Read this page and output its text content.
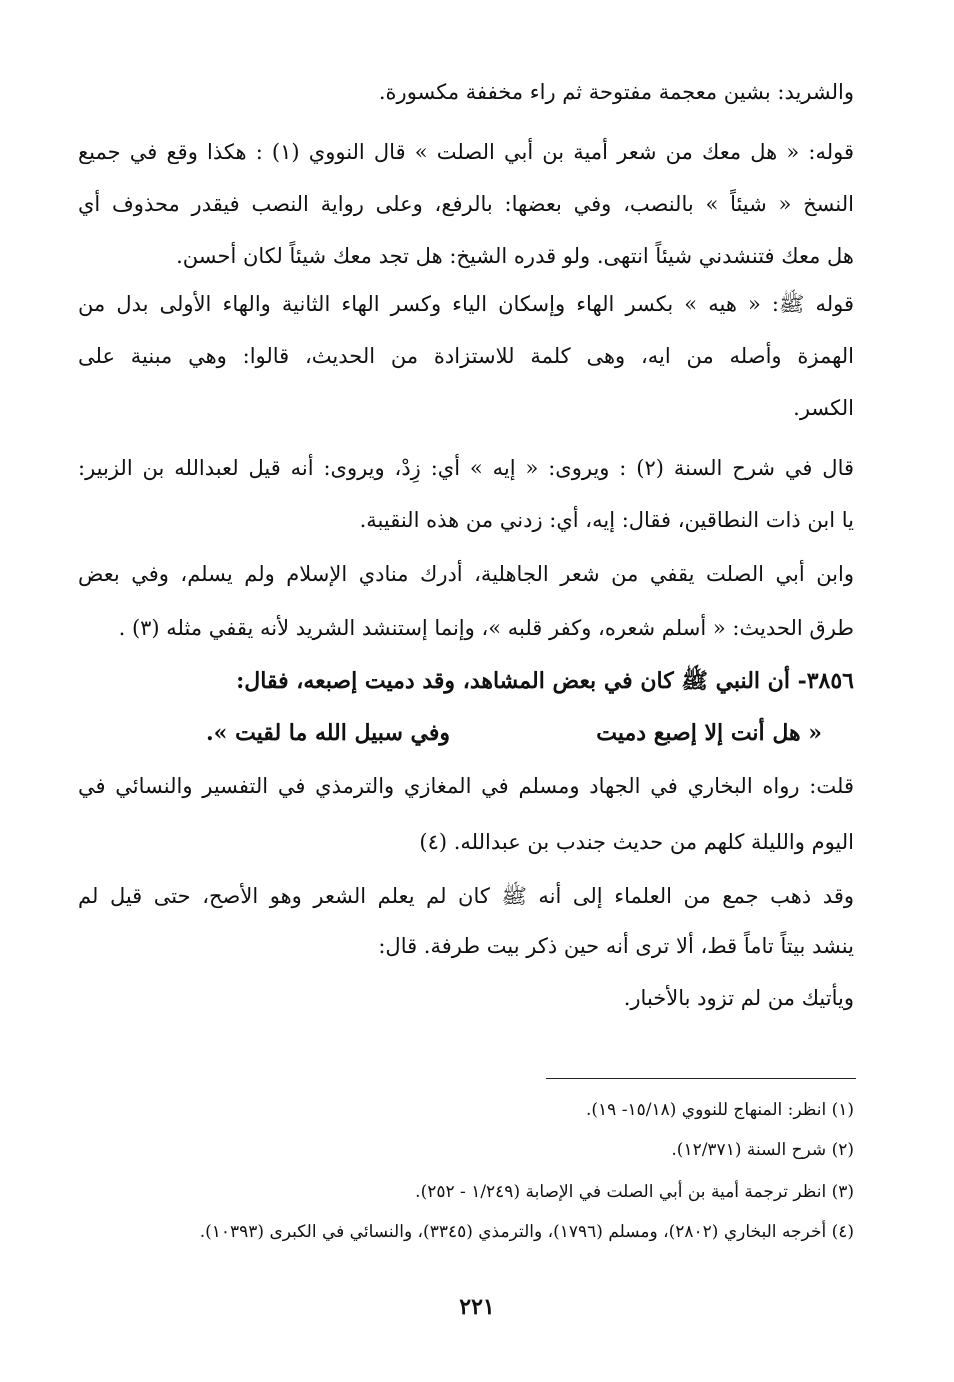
والشريد: بشين معجمة مفتوحة ثم راء مخففة مكسورة.
قوله: « هل معك من شعر أمية بن أبي الصلت » قال النووي (١) : هكذا وقع في جميع
النسخ « شيئاً » بالنصب، وفي بعضها: بالرفع، وعلى رواية النصب فيقدر محذوف أي
هل معك فتنشدني شيئاً انتهى. ولو قدره الشيخ: هل تجد معك شيئاً لكان أحسن.
قوله ﷺ: « هيه » بكسر الهاء وإسكان الياء وكسر الهاء الثانية والهاء الأولى بدل من
الهمزة وأصله من ايه، وهى كلمة للاستزادة من الحديث، قالوا: وهي مبنية على
الكسر.
قال في شرح السنة (٢) : ويروى: « إيه » أي: زِدْ، ويروى: أنه قيل لعبدالله بن الزبير:
يا ابن ذات النطاقين، فقال: إيه، أي: زدني من هذه النقيبة.
وابن أبي الصلت يقفي من شعر الجاهلية، أدرك منادي الإسلام ولم يسلم، وفي بعض
طرق الحديث: « أسلم شعره، وكفر قلبه »، وإنما إستنشد الشريد لأنه يقفي مثله (٣) .
٣٨٥٦- أن النبي ﷺ كان في بعض المشاهد، وقد دميت إصبعه، فقال:
« هل أنت إلا إصبع دميت
وفي سبيل الله ما لقيت ».
قلت: رواه البخاري في الجهاد ومسلم في المغازي والترمذي في التفسير والنسائي في
اليوم والليلة كلهم من حديث جندب بن عبدالله. (٤)
وقد ذهب جمع من العلماء إلى أنه ﷺ كان لم يعلم الشعر وهو الأصح، حتى قيل لم
ينشد بيتاً تاماً قط، ألا ترى أنه حين ذكر بيت طرفة. قال:
ويأتيك من لم تزود بالأخبار.
(١) انظر: المنهاج للنووي (١٥/١٨- ١٩).
(٢) شرح السنة (١٢/٣٧١).
(٣) انظر ترجمة أمية بن أبي الصلت في الإصابة (١/٢٤٩ - ٢٥٢).
(٤) أخرجه البخاري (٢٨٠٢)، ومسلم (١٧٩٦)، والترمذي (٣٣٤٥)، والنسائي في الكبرى (١٠٣٩٣).
٢٢١
